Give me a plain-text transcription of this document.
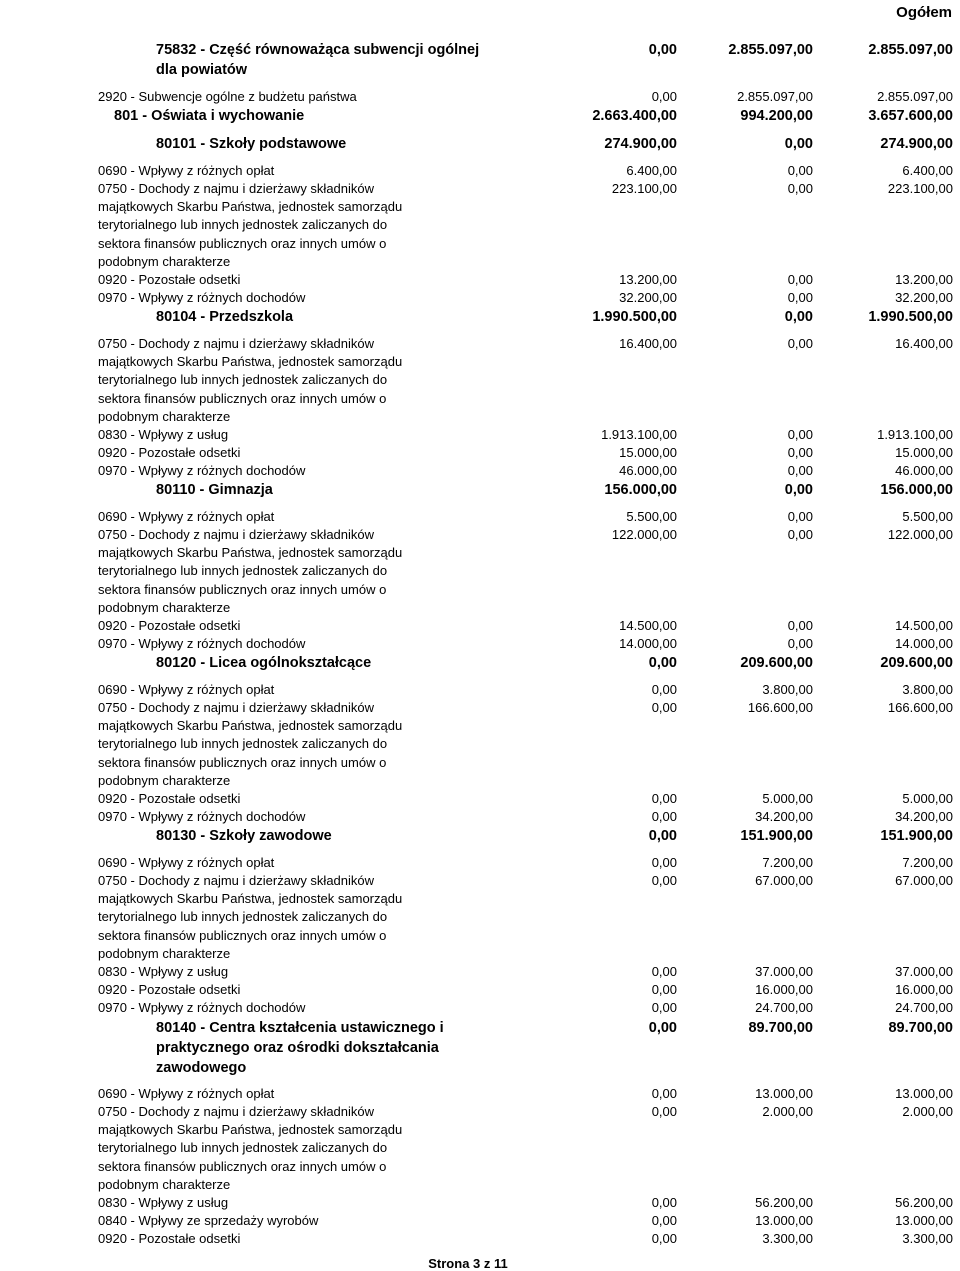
Ogółem
75832 - Część równoważąca subwencji ogólnej
dla powiatów
0,00	2.855.097,00	2.855.097,00
2920 - Subwencje ogólne z budżetu państwa	0,00	2.855.097,00	2.855.097,00
801 - Oświata i wychowanie	2.663.400,00	994.200,00	3.657.600,00
80101 - Szkoły podstawowe	274.900,00	0,00	274.900,00
0690 - Wpływy z różnych opłat	6.400,00	0,00	6.400,00
0750 - Dochody z najmu i dzierżawy składników
majątkowych Skarbu Państwa, jednostek samorządu
terytorialnego lub innych jednostek zaliczanych do
sektora finansów publicznych oraz innych umów o
podobnym charakterze
223.100,00	0,00	223.100,00
0920 - Pozostałe odsetki	13.200,00	0,00	13.200,00
0970 - Wpływy z różnych dochodów	32.200,00	0,00	32.200,00
80104 - Przedszkola	1.990.500,00	0,00	1.990.500,00
0750 - Dochody z najmu i dzierżawy składników
majątkowych Skarbu Państwa, jednostek samorządu
terytorialnego lub innych jednostek zaliczanych do
sektora finansów publicznych oraz innych umów o
podobnym charakterze
16.400,00	0,00	16.400,00
0830 - Wpływy z usług	1.913.100,00	0,00	1.913.100,00
0920 - Pozostałe odsetki	15.000,00	0,00	15.000,00
0970 - Wpływy z różnych dochodów	46.000,00	0,00	46.000,00
80110 - Gimnazja	156.000,00	0,00	156.000,00
0690 - Wpływy z różnych opłat	5.500,00	0,00	5.500,00
0750 - Dochody z najmu i dzierżawy składników
majątkowych Skarbu Państwa, jednostek samorządu
terytorialnego lub innych jednostek zaliczanych do
sektora finansów publicznych oraz innych umów o
podobnym charakterze
122.000,00	0,00	122.000,00
0920 - Pozostałe odsetki	14.500,00	0,00	14.500,00
0970 - Wpływy z różnych dochodów	14.000,00	0,00	14.000,00
80120 - Licea ogólnokształcące	0,00	209.600,00	209.600,00
0690 - Wpływy z różnych opłat	0,00	3.800,00	3.800,00
0750 - Dochody z najmu i dzierżawy składników
majątkowych Skarbu Państwa, jednostek samorządu
terytorialnego lub innych jednostek zaliczanych do
sektora finansów publicznych oraz innych umów o
podobnym charakterze
0,00	166.600,00	166.600,00
0920 - Pozostałe odsetki	0,00	5.000,00	5.000,00
0970 - Wpływy z różnych dochodów	0,00	34.200,00	34.200,00
80130 - Szkoły zawodowe	0,00	151.900,00	151.900,00
0690 - Wpływy z różnych opłat	0,00	7.200,00	7.200,00
0750 - Dochody z najmu i dzierżawy składników
majątkowych Skarbu Państwa, jednostek samorządu
terytorialnego lub innych jednostek zaliczanych do
sektora finansów publicznych oraz innych umów o
podobnym charakterze
0,00	67.000,00	67.000,00
0830 - Wpływy z usług	0,00	37.000,00	37.000,00
0920 - Pozostałe odsetki	0,00	16.000,00	16.000,00
0970 - Wpływy z różnych dochodów	0,00	24.700,00	24.700,00
80140 - Centra kształcenia ustawicznego i
praktycznego oraz ośrodki dokształcania
zawodowego
0,00	89.700,00	89.700,00
0690 - Wpływy z różnych opłat	0,00	13.000,00	13.000,00
0750 - Dochody z najmu i dzierżawy składników
majątkowych Skarbu Państwa, jednostek samorządu
terytorialnego lub innych jednostek zaliczanych do
sektora finansów publicznych oraz innych umów o
podobnym charakterze
0,00	2.000,00	2.000,00
0830 - Wpływy z usług	0,00	56.200,00	56.200,00
0840 - Wpływy ze sprzedaży wyrobów	0,00	13.000,00	13.000,00
0920 - Pozostałe odsetki	0,00	3.300,00	3.300,00
Strona 3 z 11
